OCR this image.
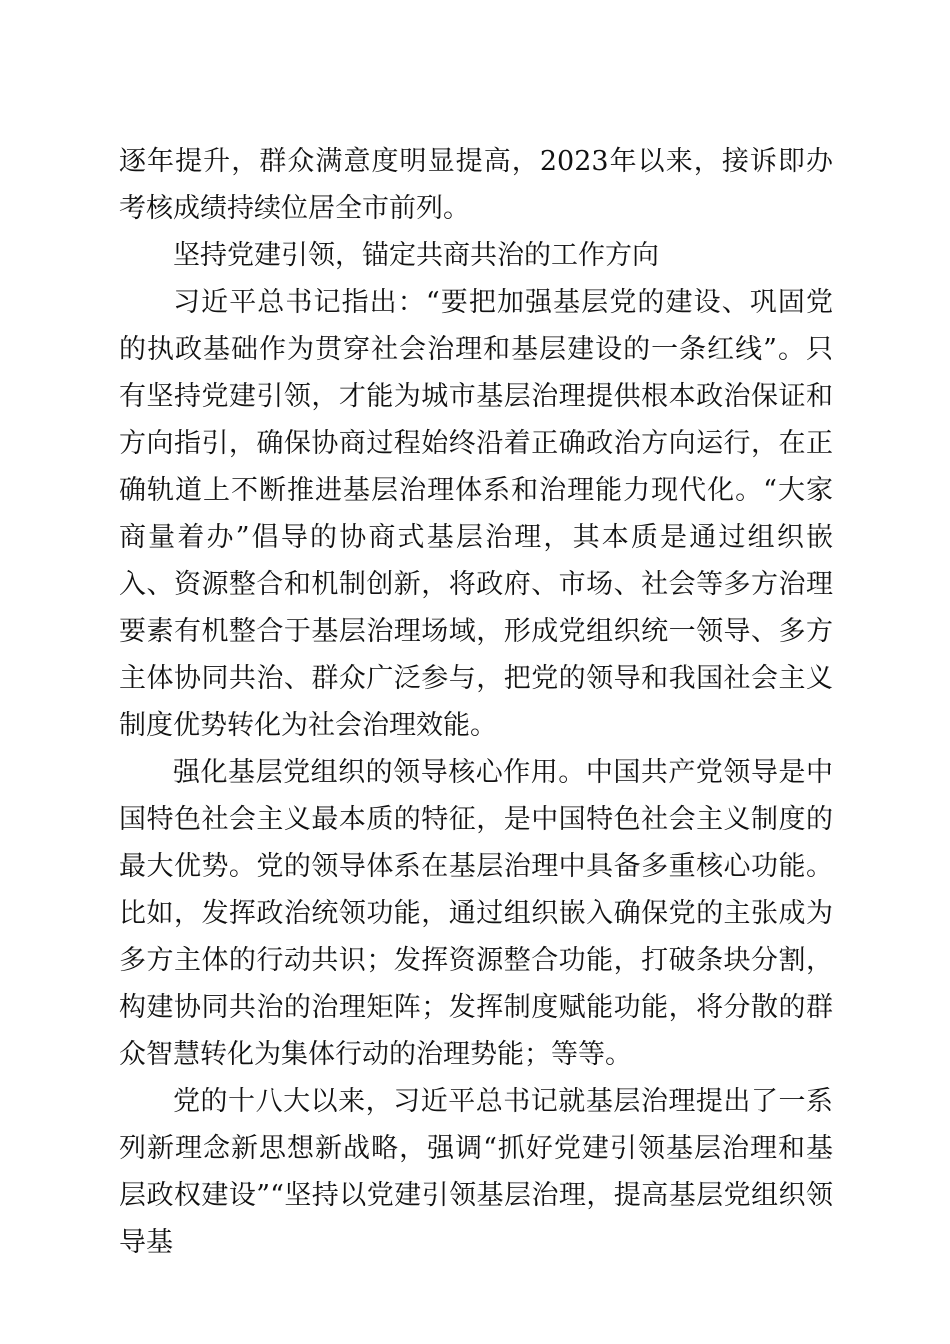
逐年提升，群众满意度明显提高，2023年以来，接诉即办考核成绩持续位居全市前列。

坚持党建引领，锚定共商共治的工作方向

习近平总书记指出：“要把加强基层党的建设、巩固党的执政基础作为贯穿社会治理和基层建设的一条红线”。只有坚持党建引领，才能为城市基层治理提供根本政治保证和方向指引，确保协商过程始终沿着正确政治方向运行，在正确轨道上不断推进基层治理体系和治理能力现代化。“大家商量着办”倡导的协商式基层治理，其本质是通过组织嵌入、资源整合和机制创新，将政府、市场、社会等多方治理要素有机整合于基层治理场域，形成党组织统一领导、多方主体协同共治、群众广泛参与，把党的领导和我国社会主义制度优势转化为社会治理效能。

强化基层党组织的领导核心作用。中国共产党领导是中国特色社会主义最本质的特征，是中国特色社会主义制度的最大优势。党的领导体系在基层治理中具备多重核心功能。比如，发挥政治统领功能，通过组织嵌入确保党的主张成为多方主体的行动共识；发挥资源整合功能，打破条块分割，构建协同共治的治理矩阵；发挥制度赋能功能，将分散的群众智慧转化为集体行动的治理势能；等等。

党的十八大以来，习近平总书记就基层治理提出了一系列新理念新思想新战略，强调“抓好党建引领基层治理和基层政权建设”“坚持以党建引领基层治理，提高基层党组织领导基
